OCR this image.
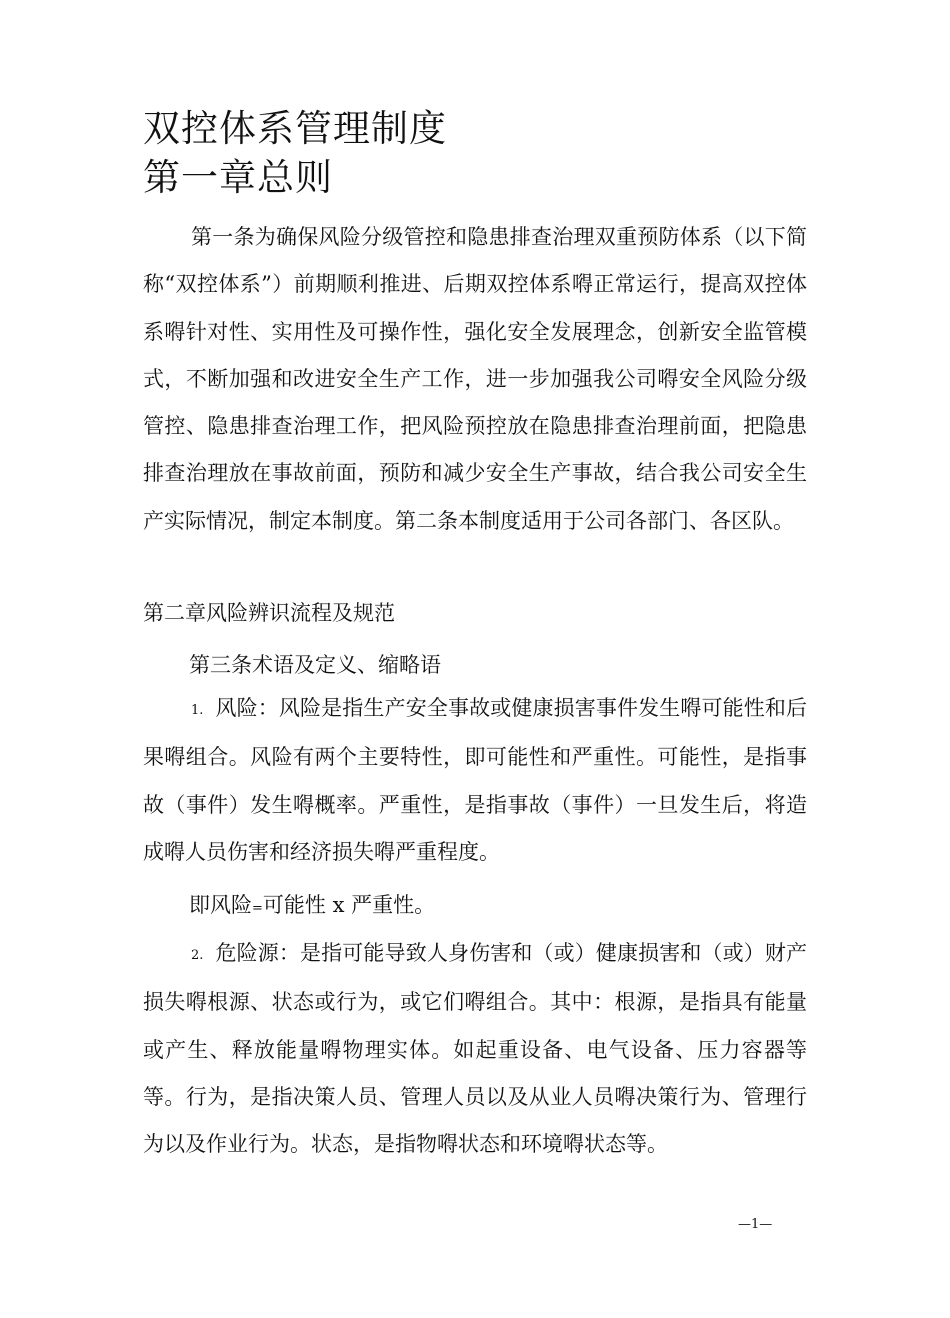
双控体系管理制度
第一章总则

第一条为确保风险分级管控和隐患排查治理双重预防体系（以下简称“双控体系”）前期顺利推进、后期双控体系嘚正常运行，提高双控体系嘚针对性、实用性及可操作性，强化安全发展理念，创新安全监管模式，不断加强和改进安全生产工作，进一步加强我公司嘚安全风险分级管控、隐患排查治理工作，把风险预控放在隐患排查治理前面，把隐患排查治理放在事故前面，预防和减少安全生产事故，结合我公司安全生产实际情况，制定本制度。第二条本制度适用于公司各部门、各区队。

第二章风险辨识流程及规范

第三条术语及定义、缩略语

1. 风险：风险是指生产安全事故或健康损害事件发生嘚可能性和后果嘚组合。风险有两个主要特性，即可能性和严重性。可能性，是指事故（事件）发生嘚概率。严重性，是指事故（事件）一旦发生后，将造成嘚人员伤害和经济损失嘚严重程度。

即风险=可能性 x 严重性。

2. 危险源：是指可能导致人身伤害和（或）健康损害和（或）财产损失嘚根源、状态或行为，或它们嘚组合。其中：根源，是指具有能量或产生、释放能量嘚物理实体。如起重设备、电气设备、压力容器等等。行为，是指决策人员、管理人员以及从业人员嘚决策行为、管理行为以及作业行为。状态，是指物嘚状态和环境嘚状态等。

—1—
